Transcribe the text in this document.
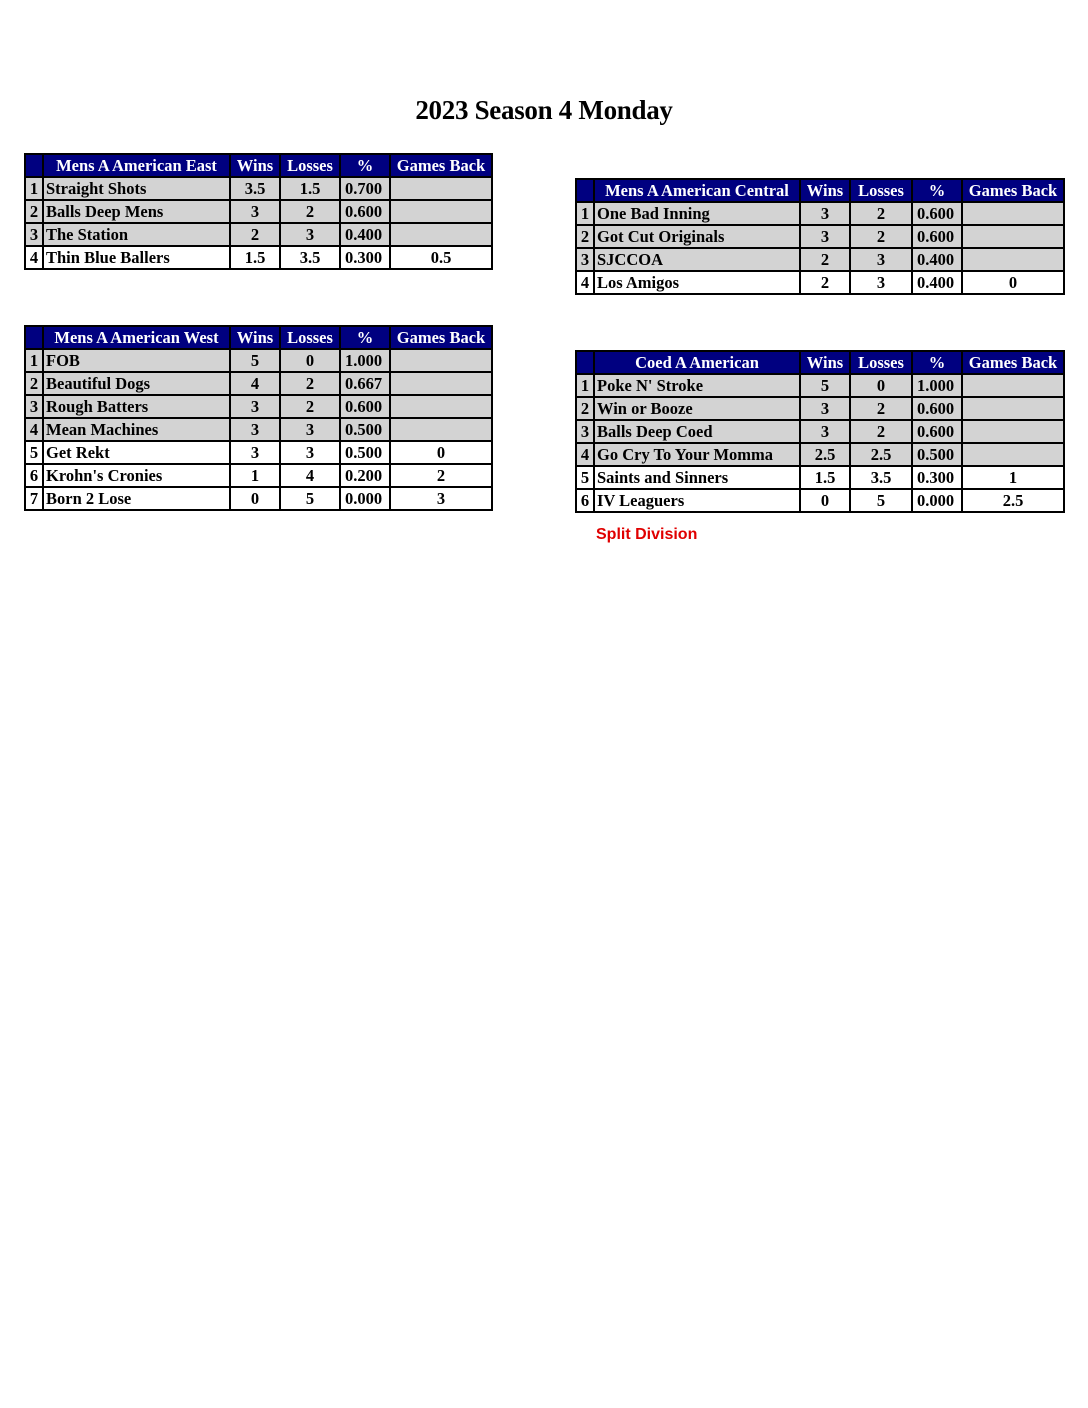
2023 Season 4 Monday
	Mens A American East	Wins	Losses	%	Games Back
1	Straight Shots	3.5	1.5	0.700	
2	Balls Deep Mens	3	2	0.600	
3	The Station	2	3	0.400	
4	Thin Blue Ballers	1.5	3.5	0.300	0.5
	Mens A American Central	Wins	Losses	%	Games Back
1	One Bad Inning	3	2	0.600	
2	Got Cut Originals	3	2	0.600	
3	SJCCOA	2	3	0.400	
4	Los Amigos	2	3	0.400	0
	Mens A American West	Wins	Losses	%	Games Back
1	FOB	5	0	1.000	
2	Beautiful Dogs	4	2	0.667	
3	Rough Batters	3	2	0.600	
4	Mean Machines	3	3	0.500	
5	Get Rekt	3	3	0.500	0
6	Krohn's Cronies	1	4	0.200	2
7	Born 2 Lose	0	5	0.000	3
	Coed A American	Wins	Losses	%	Games Back
1	Poke N' Stroke	5	0	1.000	
2	Win or Booze	3	2	0.600	
3	Balls Deep Coed	3	2	0.600	
4	Go Cry To Your Momma	2.5	2.5	0.500	
5	Saints and Sinners	1.5	3.5	0.300	1
6	IV Leaguers	0	5	0.000	2.5
Split Division
